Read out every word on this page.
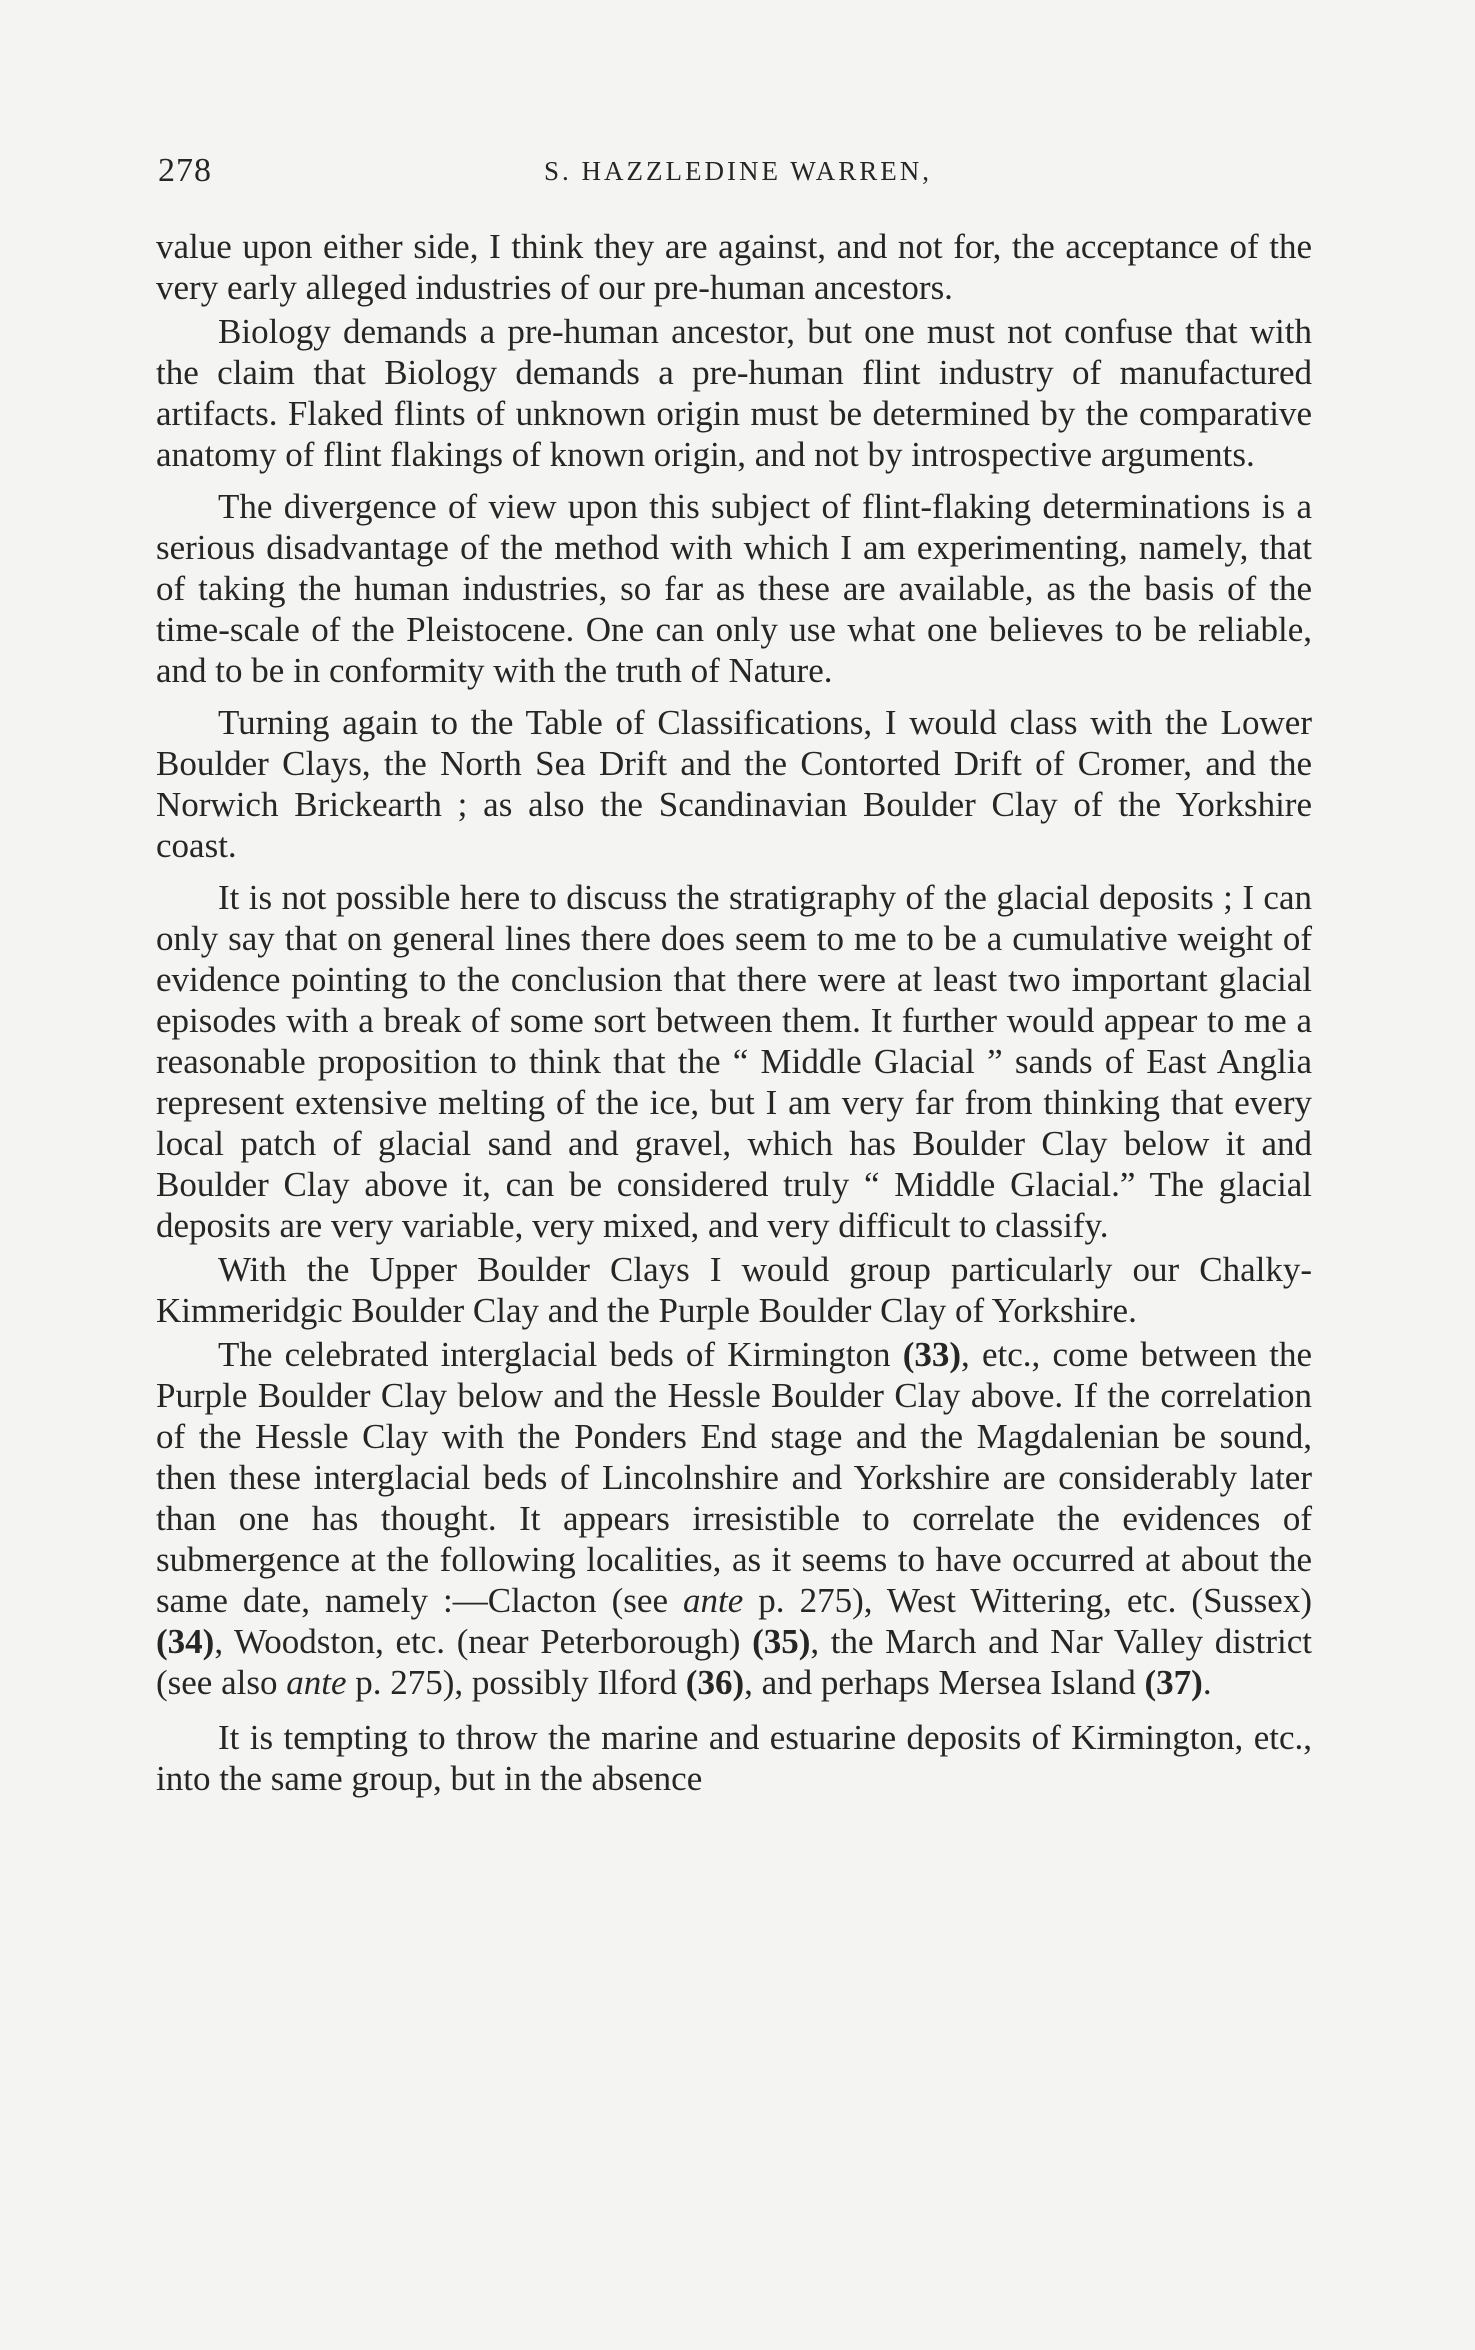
278	S. HAZZLEDINE WARREN,

value upon either side, I think they are against, and not for, the acceptance of the very early alleged industries of our pre-human ancestors.

Biology demands a pre-human ancestor, but one must not confuse that with the claim that Biology demands a pre-human flint industry of manufactured artifacts. Flaked flints of unknown origin must be determined by the comparative anatomy of flint flakings of known origin, and not by introspective arguments.

The divergence of view upon this subject of flint-flaking determinations is a serious disadvantage of the method with which I am experimenting, namely, that of taking the human industries, so far as these are available, as the basis of the time-scale of the Pleistocene. One can only use what one believes to be reliable, and to be in conformity with the truth of Nature.

Turning again to the Table of Classifications, I would class with the Lower Boulder Clays, the North Sea Drift and the Contorted Drift of Cromer, and the Norwich Brickearth ; as also the Scandinavian Boulder Clay of the Yorkshire coast.

It is not possible here to discuss the stratigraphy of the glacial deposits ; I can only say that on general lines there does seem to me to be a cumulative weight of evidence pointing to the conclusion that there were at least two important glacial episodes with a break of some sort between them. It further would appear to me a reasonable proposition to think that the “ Middle Glacial ” sands of East Anglia represent extensive melting of the ice, but I am very far from thinking that every local patch of glacial sand and gravel, which has Boulder Clay below it and Boulder Clay above it, can be considered truly “ Middle Glacial.” The glacial deposits are very variable, very mixed, and very difficult to classify.

With the Upper Boulder Clays I would group particularly our Chalky-Kimmeridgic Boulder Clay and the Purple Boulder Clay of Yorkshire.

The celebrated interglacial beds of Kirmington (33), etc., come between the Purple Boulder Clay below and the Hessle Boulder Clay above. If the correlation of the Hessle Clay with the Ponders End stage and the Magdalenian be sound, then these interglacial beds of Lincolnshire and Yorkshire are considerably later than one has thought. It appears irresistible to correlate the evidences of submergence at the following localities, as it seems to have occurred at about the same date, namely :—Clacton (see ante p. 275), West Wittering, etc. (Sussex) (34), Woodston, etc. (near Peterborough) (35), the March and Nar Valley district (see also ante p. 275), possibly Ilford (36), and perhaps Mersea Island (37).

It is tempting to throw the marine and estuarine deposits of Kirmington, etc., into the same group, but in the absence
